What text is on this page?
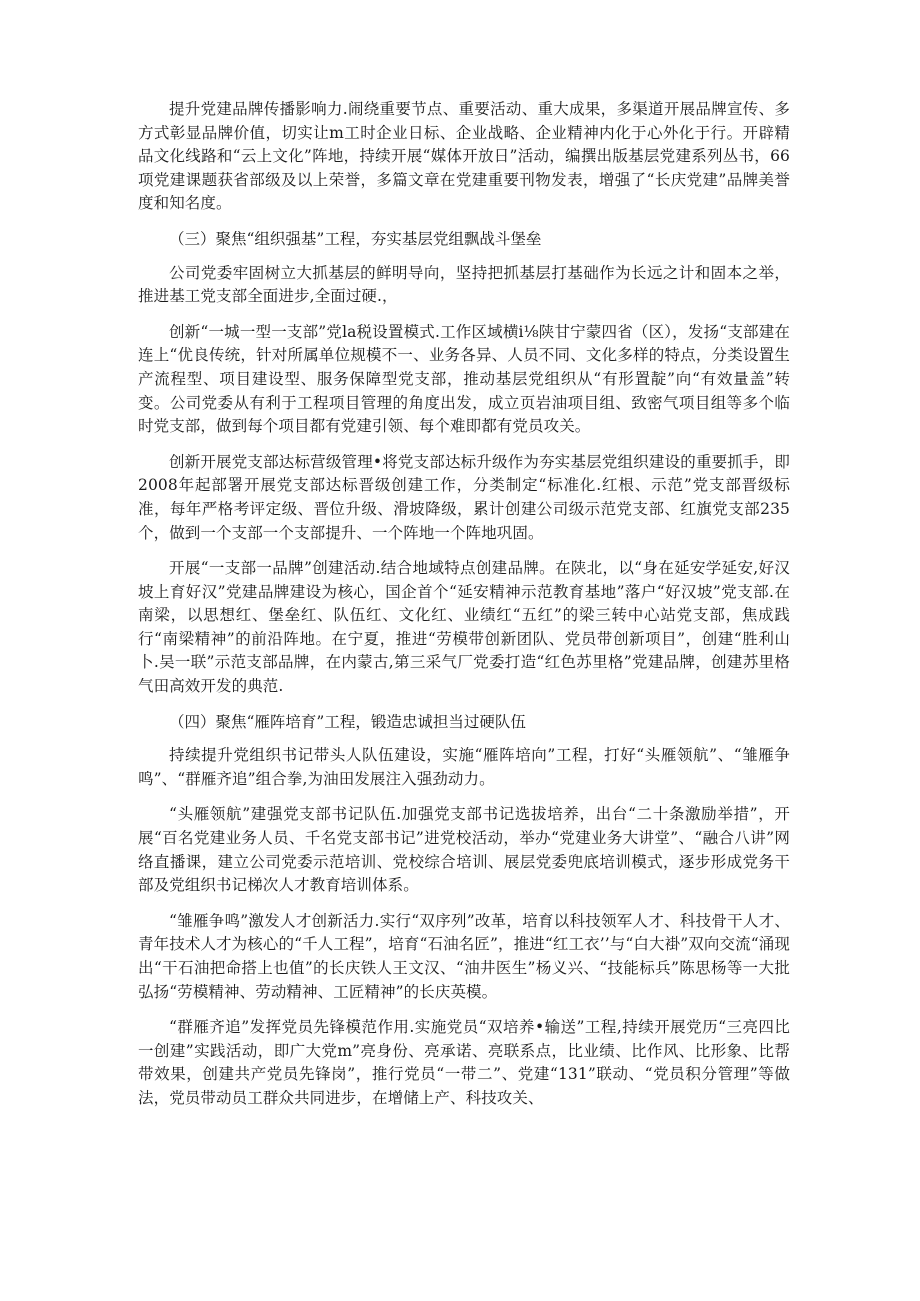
提升党建品牌传播影响力.闹绕重要节点、重要活动、重大成果，多渠道开展品牌宣传、多方式彰显品牌价值，切实让m工时企业日标、企业战略、企业精神内化于心外化于行。开辟精品文化线路和“云上文化”阵地，持续开展“媒体开放日”活动，编撰出版基层党建系列丛书，66项党建课题获省部级及以上荣誉，多篇文章在党建重要刊物发表，增强了“长庆党建”品牌美誉度和知名度。

（三）聚焦“组织强基”工程，夯实基层党组飘战斗堡垒

公司党委牢固树立大抓基层的鲜明导向，坚持把抓基层打基础作为长远之计和固本之举，推进基工党支部全面进步,全面过硬.，

创新“一城一型一支部”党la税设置模式.工作区域横i⅛陕甘宁蒙四省（区），发扬“支部建在连上“优良传统，针对所属单位规模不一、业务各异、人员不同、文化多样的特点，分类设置生产流程型、项目建设型、服务保障型党支部，推动基层党组织从“有形置靛”向“有效量盖”转变。公司党委从有利于工程项目管理的角度出发，成立页岩油项目组、致密气项目组等多个临时党支部，做到每个项目都有党建引领、每个难即都有党员攻关。

创新开展党支部达标营级管理•将党支部达标升级作为夯实基层党组织建设的重要抓手，即2008年起部署开展党支部达标晋级创建工作，分类制定“标准化.红根、示范”党支部晋级标准，每年严格考评定级、晋位升级、滑坡降级，累计创建公司级示范党支部、红旗党支部235个，做到一个支部一个支部提升、一个阵地一个阵地巩固。

开展“一支部一品牌”创建活动.结合地域特点创建品牌。在陕北，以“身在延安学延安,好汉坡上育好汉”党建品牌建设为核心，国企首个“延安精神示范教育基地”落户“好汉坡”党支部.在南梁，以思想红、堡垒红、队伍红、文化红、业绩红“五红”的梁三转中心站党支部，焦成践行“南梁精神”的前沿阵地。在宁夏，推进“劳模带创新团队、党员带创新项目”，创建“胜利山卜.吴一联”示范支部品牌，在内蒙古,第三采气厂党委打造“红色苏里格”党建品牌，创建苏里格气田高效开发的典范.

（四）聚焦“雁阵培育”工程，锻造忠诚担当过硬队伍

持续提升党组织书记带头人队伍建设，实施“雁阵培向”工程，打好“头雁领航”、“雏雁争鸣”、“群雁齐追”组合拳,为油田发展注入强劲动力。

“头雁领航”建强党支部书记队伍.加强党支部书记选拔培养，出台“二十条激励举措”，开展“百名党建业务人员、千名党支部书记”进党校活动，举办“党建业务大讲堂”、“融合八讲”网络直播课，建立公司党委示范培训、党校综合培训、展层党委兜底培训模式，逐步形成党务干部及党组织书记梯次人才教育培训体系。

“雏雁争鸣”激发人才创新活力.实行“双序列”改革，培育以科技领军人才、科技骨干人才、青年技术人才为核心的“千人工程”，培育“石油名匠”，推进“红工衣’’与“白大褂”双向交流“涌现出“干石油把命搭上也值”的长庆铁人王文汉、“油井医生”杨义兴、“技能标兵”陈思杨等一大批弘扬“劳模精神、劳动精神、工匠精神”的长庆英模。

“群雁齐追”发挥党员先锋模范作用.实施党员“双培养•输送”工程,持续开展党历“三亮四比一创建”实践活动，即广大党m”亮身份、亮承诺、亮联系点，比业绩、比作风、比形象、比帮带效果，创建共产党员先锋岗”，推行党员“一带二”、党建“131”联动、“党员积分管理”等做法，党员带动员工群众共同进步，在增储上产、科技攻关、
